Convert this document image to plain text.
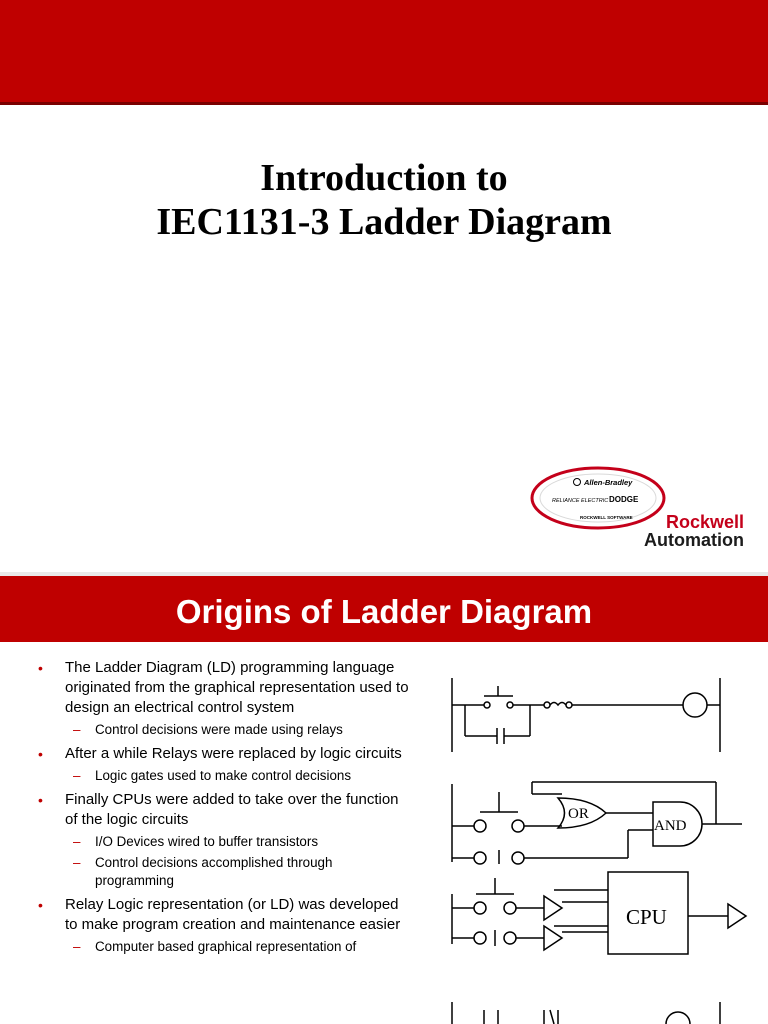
Introduction to
IEC1131-3 Ladder Diagram
Allen-Bradley
RELIANCE ELECTRIC DODGE
ROCKWELL SOFTWARE Rockwell
Automation
Origins of Ladder Diagram
• The Ladder Diagram (LD) programming language originated from the graphical representation used to design an electrical control system
– Control decisions were made using relays
• After a while Relays were replaced by logic circuits
– Logic gates used to make control decisions
• Finally CPUs were added to take over the function of the logic circuits
– I/O Devices wired to buffer transistors
– Control decisions accomplished through programming
• Relay Logic representation (or LD) was developed to make program creation and maintenance easier
– Computer based graphical representation of
OR
AND
CPU
